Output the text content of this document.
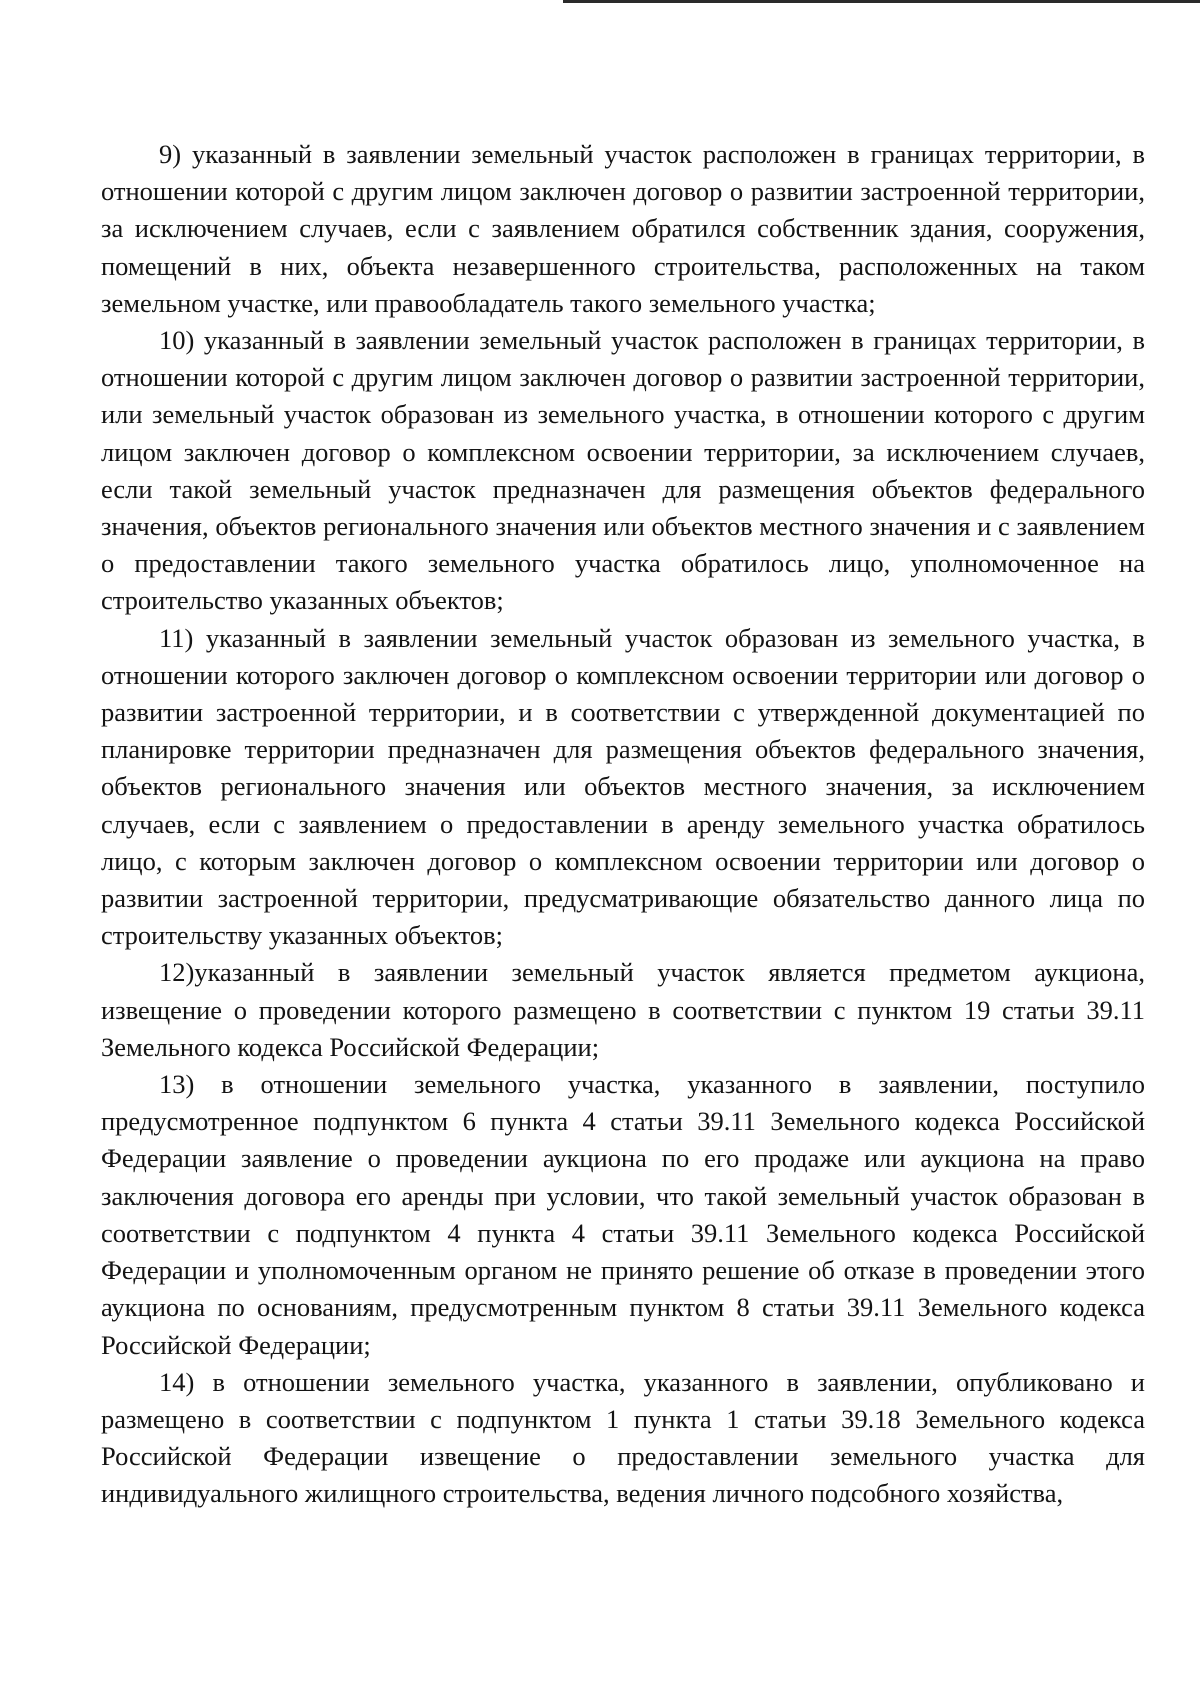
9) указанный в заявлении земельный участок расположен в границах территории, в отношении которой с другим лицом заключен договор о развитии застроенной территории, за исключением случаев, если с заявлением обратился собственник здания, сооружения, помещений в них, объекта незавершенного строительства, расположенных на таком земельном участке, или правообладатель такого земельного участка;

10) указанный в заявлении земельный участок расположен в границах территории, в отношении которой с другим лицом заключен договор о развитии застроенной территории, или земельный участок образован из земельного участка, в отношении которого с другим лицом заключен договор о комплексном освоении территории, за исключением случаев, если такой земельный участок предназначен для размещения объектов федерального значения, объектов регионального значения или объектов местного значения и с заявлением о предоставлении такого земельного участка обратилось лицо, уполномоченное на строительство указанных объектов;

11) указанный в заявлении земельный участок образован из земельного участка, в отношении которого заключен договор о комплексном освоении территории или договор о развитии застроенной территории, и в соответствии с утвержденной документацией по планировке территории предназначен для размещения объектов федерального значения, объектов регионального значения или объектов местного значения, за исключением случаев, если с заявлением о предоставлении в аренду земельного участка обратилось лицо, с которым заключен договор о комплексном освоении территории или договор о развитии застроенной территории, предусматривающие обязательство данного лица по строительству указанных объектов;

12)указанный в заявлении земельный участок является предметом аукциона, извещение о проведении которого размещено в соответствии с пунктом 19 статьи 39.11 Земельного кодекса Российской Федерации;

13) в отношении земельного участка, указанного в заявлении, поступило предусмотренное подпунктом 6 пункта 4 статьи 39.11 Земельного кодекса Российской Федерации заявление о проведении аукциона по его продаже или аукциона на право заключения договора его аренды при условии, что такой земельный участок образован в соответствии с подпунктом 4 пункта 4 статьи 39.11 Земельного кодекса Российской Федерации и уполномоченным органом не принято решение об отказе в проведении этого аукциона по основаниям, предусмотренным пунктом 8 статьи 39.11 Земельного кодекса Российской Федерации;

14) в отношении земельного участка, указанного в заявлении, опубликовано и размещено в соответствии с подпунктом 1 пункта 1 статьи 39.18 Земельного кодекса Российской Федерации извещение о предоставлении земельного участка для индивидуального жилищного строительства, ведения личного подсобного хозяйства,
